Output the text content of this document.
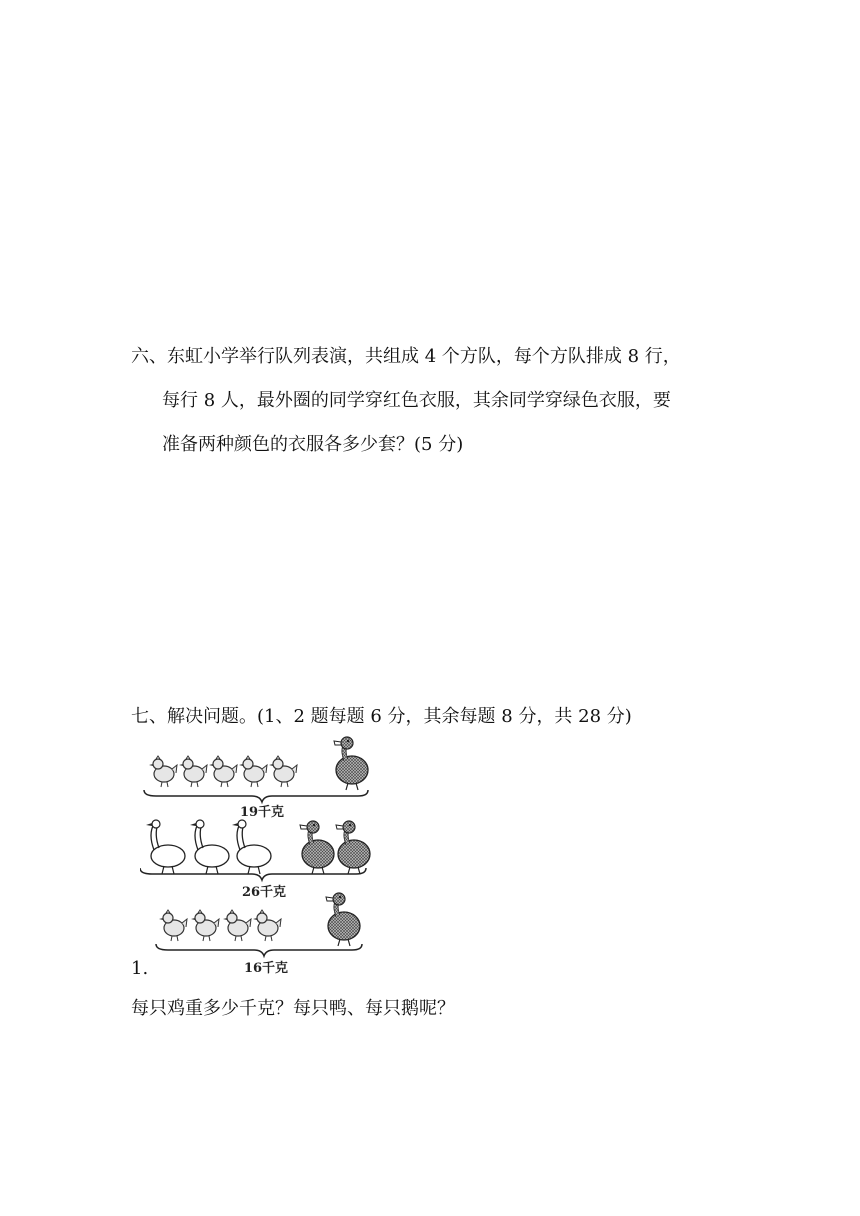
六、东虹小学举行队列表演，共组成 4 个方队，每个方队排成 8 行，
每行 8 人，最外圈的同学穿红色衣服，其余同学穿绿色衣服，要
准备两种颜色的衣服各多少套？(5 分)
七、解决问题。(1、2 题每题 6 分，其余每题 8 分，共 28 分)
19千克
26千克
16千克
1.
每只鸡重多少千克？每只鸭、每只鹅呢？
